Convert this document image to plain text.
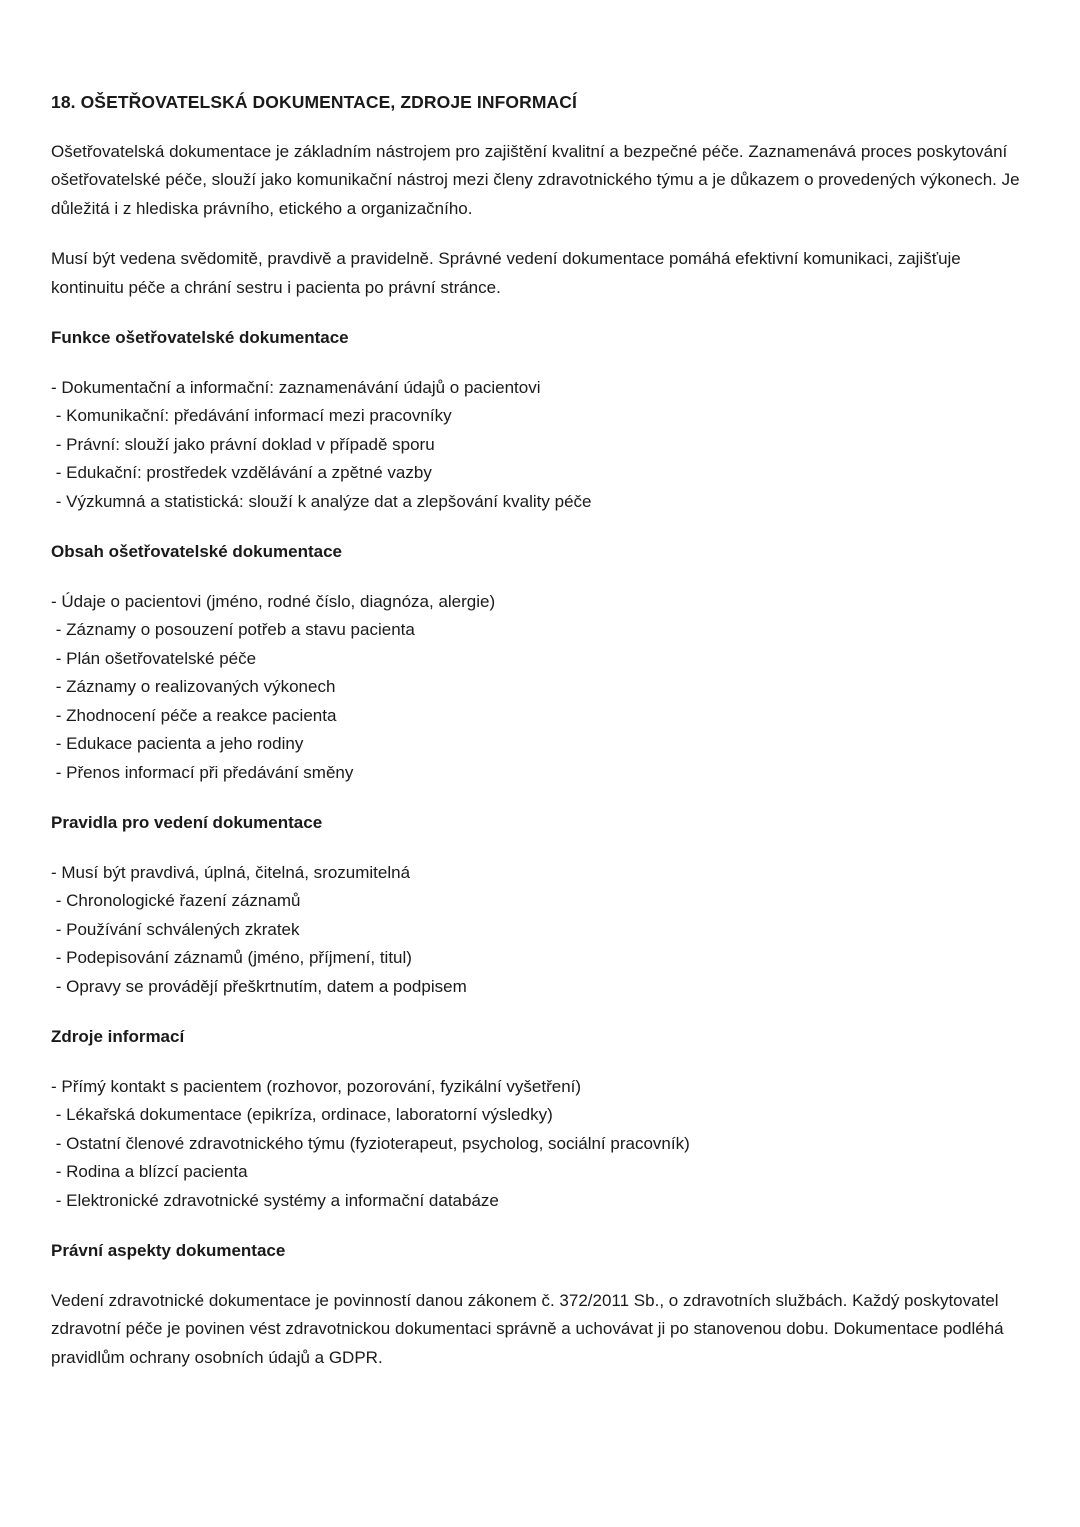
18. OŠETŘOVATELSKÁ DOKUMENTACE, ZDROJE INFORMACÍ

Ošetřovatelská dokumentace je základním nástrojem pro zajištění kvalitní a bezpečné péče. Zaznamenává proces poskytování ošetřovatelské péče, slouží jako komunikační nástroj mezi členy zdravotnického týmu a je důkazem o provedených výkonech. Je důležitá i z hlediska právního, etického a organizačního.

Musí být vedena svědomitě, pravdivě a pravidelně. Správné vedení dokumentace pomáhá efektivní komunikaci, zajišťuje kontinuitu péče a chrání sestru i pacienta po právní stránce.

Funkce ošetřovatelské dokumentace
- Dokumentační a informační: zaznamenávání údajů o pacientovi
- Komunikační: předávání informací mezi pracovníky
- Právní: slouží jako právní doklad v případě sporu
- Edukační: prostředek vzdělávání a zpětné vazby
- Výzkumná a statistická: slouží k analýze dat a zlepšování kvality péče
Obsah ošetřovatelské dokumentace
- Údaje o pacientovi (jméno, rodné číslo, diagnóza, alergie)
- Záznamy o posouzení potřeb a stavu pacienta
- Plán ošetřovatelské péče
- Záznamy o realizovaných výkonech
- Zhodnocení péče a reakce pacienta
- Edukace pacienta a jeho rodiny
- Přenos informací při předávání směny
Pravidla pro vedení dokumentace
- Musí být pravdivá, úplná, čitelná, srozumitelná
- Chronologické řazení záznamů
- Používání schválených zkratek
- Podepisování záznamů (jméno, příjmení, titul)
- Opravy se provádějí přeškrtnutím, datem a podpisem
Zdroje informací
- Přímý kontakt s pacientem (rozhovor, pozorování, fyzikální vyšetření)
- Lékařská dokumentace (epikríza, ordinace, laboratorní výsledky)
- Ostatní členové zdravotnického týmu (fyzioterapeut, psycholog, sociální pracovník)
- Rodina a blízcí pacienta
- Elektronické zdravotnické systémy a informační databáze
Právní aspekty dokumentace

Vedení zdravotnické dokumentace je povinností danou zákonem č. 372/2011 Sb., o zdravotních službách. Každý poskytovatel zdravotní péče je povinen vést zdravotnickou dokumentaci správně a uchovávat ji po stanovenou dobu. Dokumentace podléhá pravidlům ochrany osobních údajů a GDPR.
